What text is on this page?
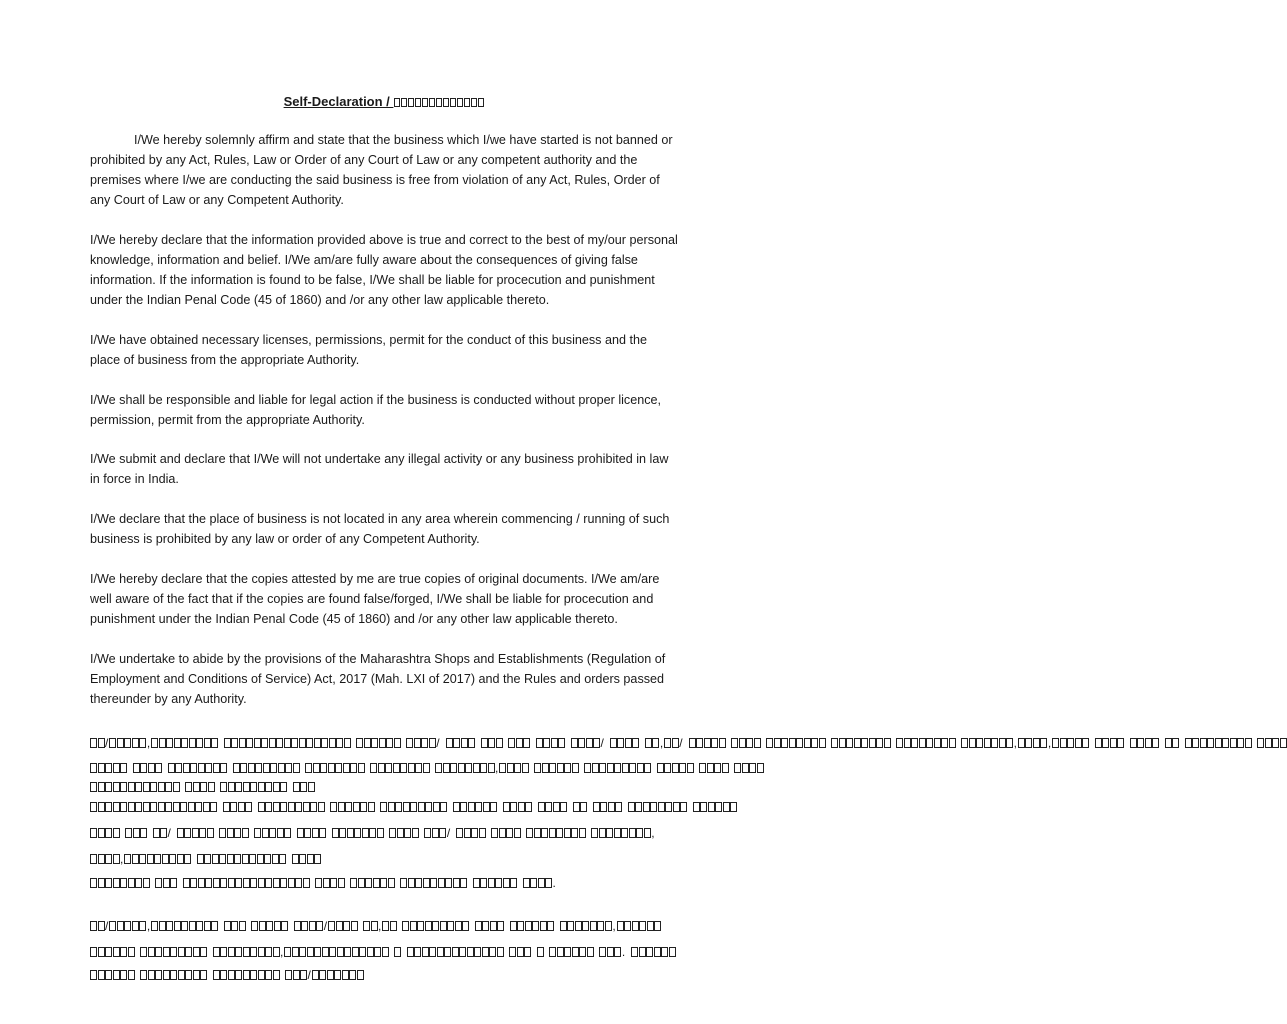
Self-Declaration /

I/We hereby solemnly affirm and state that the business which I/we have started is not banned or prohibited by any Act, Rules, Law or Order of any Court of Law or any competent authority and the premises where I/we are conducting the said business is free from violation of any Act, Rules, Order of any Court of Law or any Competent Authority.

I/We hereby declare that the information provided above is true and correct to the best of my/our personal knowledge, information and belief. I/We am/are fully aware about the consequences of giving false information. If the information is found to be false, I/We shall be liable for procecution and punishment under the Indian Penal Code (45 of 1860) and /or any other law applicable thereto.

I/We have obtained necessary licenses, permissions, permit for the conduct of this business and the place of business from the appropriate Authority.

I/We shall be responsible and liable for legal action if the business is conducted without proper licence, permission, permit from the appropriate Authority.

I/We submit and declare that I/We will not undertake any illegal activity or any business prohibited in law in force in India.

I/We declare that the place of business is not located in any area wherein commencing / running of such business is prohibited by any law or order of any Competent Authority.

I/We hereby declare that the copies attested by me are true copies of original documents. I/We am/are well aware of the fact that if the copies are found false/forged, I/We shall be liable for procecution and punishment under the Indian Penal Code (45 of 1860) and /or any other law applicable thereto.

I/We undertake to abide by the provisions of the Maharashtra Shops and Establishments (Regulation of Employment and Conditions of Service) Act, 2017 (Mah. LXI of 2017) and the Rules and orders passed thereunder by any Authority.

/	,	/	/	, /	,	,
,
/	/	,
,
.
/	,	/	,	,
,	.
/
